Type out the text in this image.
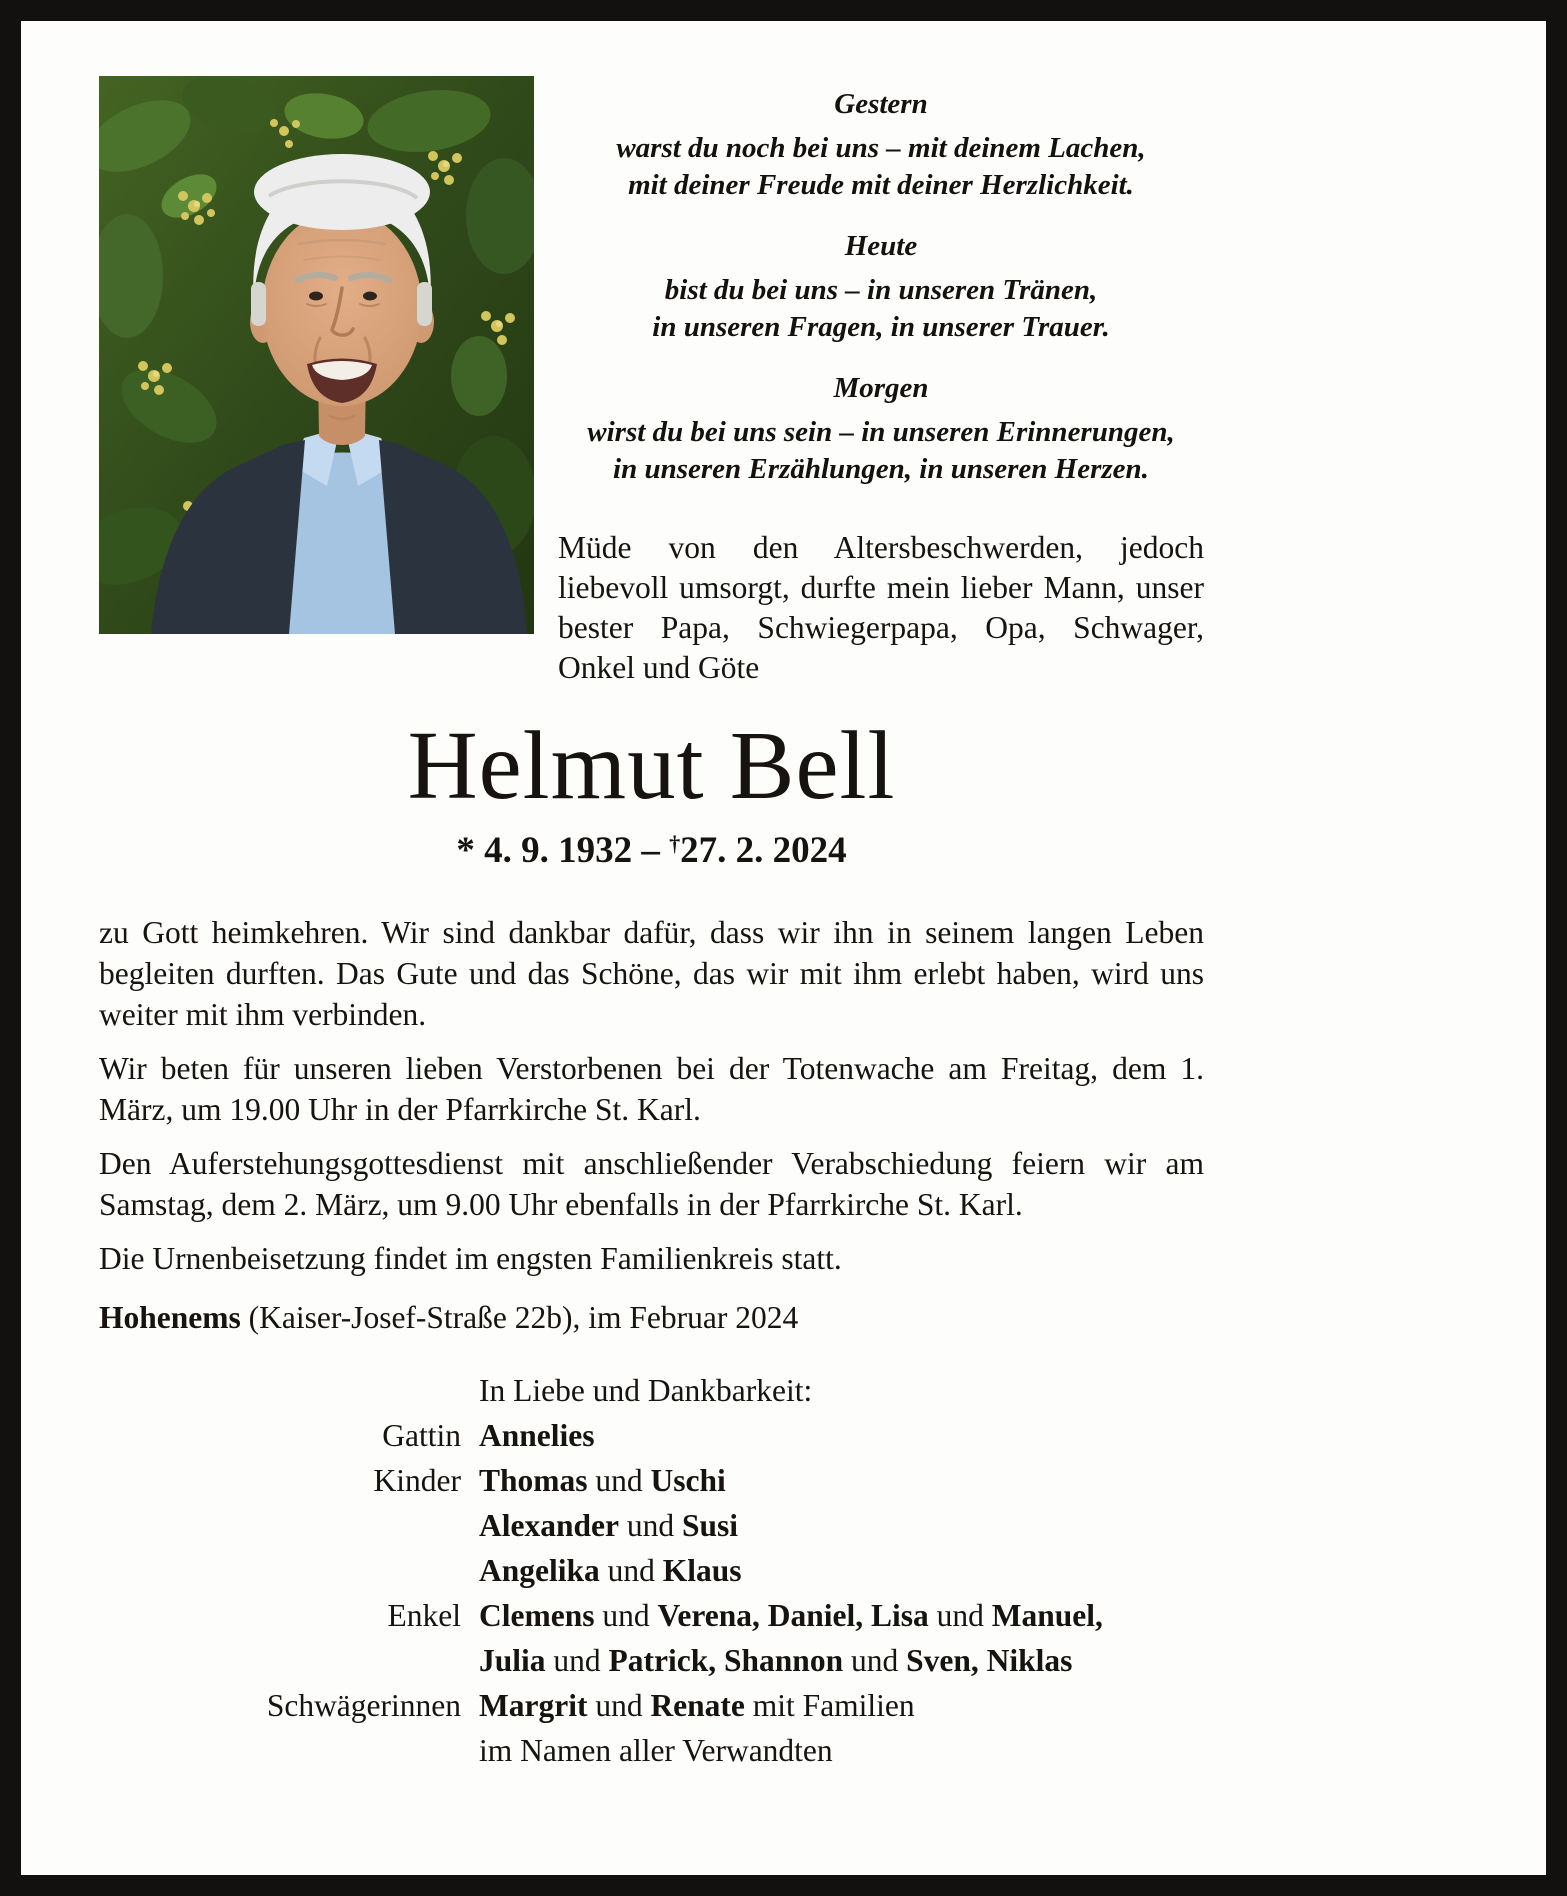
Gestern
warst du noch bei uns – mit deinem Lachen,
mit deiner Freude mit deiner Herzlichkeit.
Heute
bist du bei uns – in unseren Tränen,
in unseren Fragen, in unserer Trauer.
Morgen
wirst du bei uns sein – in unseren Erinnerungen,
in unseren Erzählungen, in unseren Herzen.
Müde von den Altersbeschwerden, jedoch liebevoll umsorgt, durfte mein lieber Mann, unser bester Papa, Schwiegerpapa, Opa, Schwager, Onkel und Göte
Helmut Bell
* 4. 9. 1932 – †27. 2. 2024

zu Gott heimkehren. Wir sind dankbar dafür, dass wir ihn in seinem langen Leben begleiten durften. Das Gute und das Schöne, das wir mit ihm erlebt haben, wird uns weiter mit ihm verbinden.

Wir beten für unseren lieben Verstorbenen bei der Totenwache am Freitag, dem 1. März, um 19.00 Uhr in der Pfarrkirche St. Karl.

Den Auferstehungsgottesdienst mit anschließender Verabschiedung feiern wir am Samstag, dem 2. März, um 9.00 Uhr ebenfalls in der Pfarrkirche St. Karl.

Die Urnenbeisetzung findet im engsten Familienkreis statt.

Hohenems (Kaiser-Josef-Straße 22b), im Februar 2024
In Liebe und Dankbarkeit:
Gattin Annelies
Kinder Thomas und Uschi
Alexander und Susi
Angelika und Klaus
Enkel Clemens und Verena, Daniel, Lisa und Manuel,
Julia und Patrick, Shannon und Sven, Niklas
Schwägerinnen Margrit und Renate mit Familien
im Namen aller Verwandten
